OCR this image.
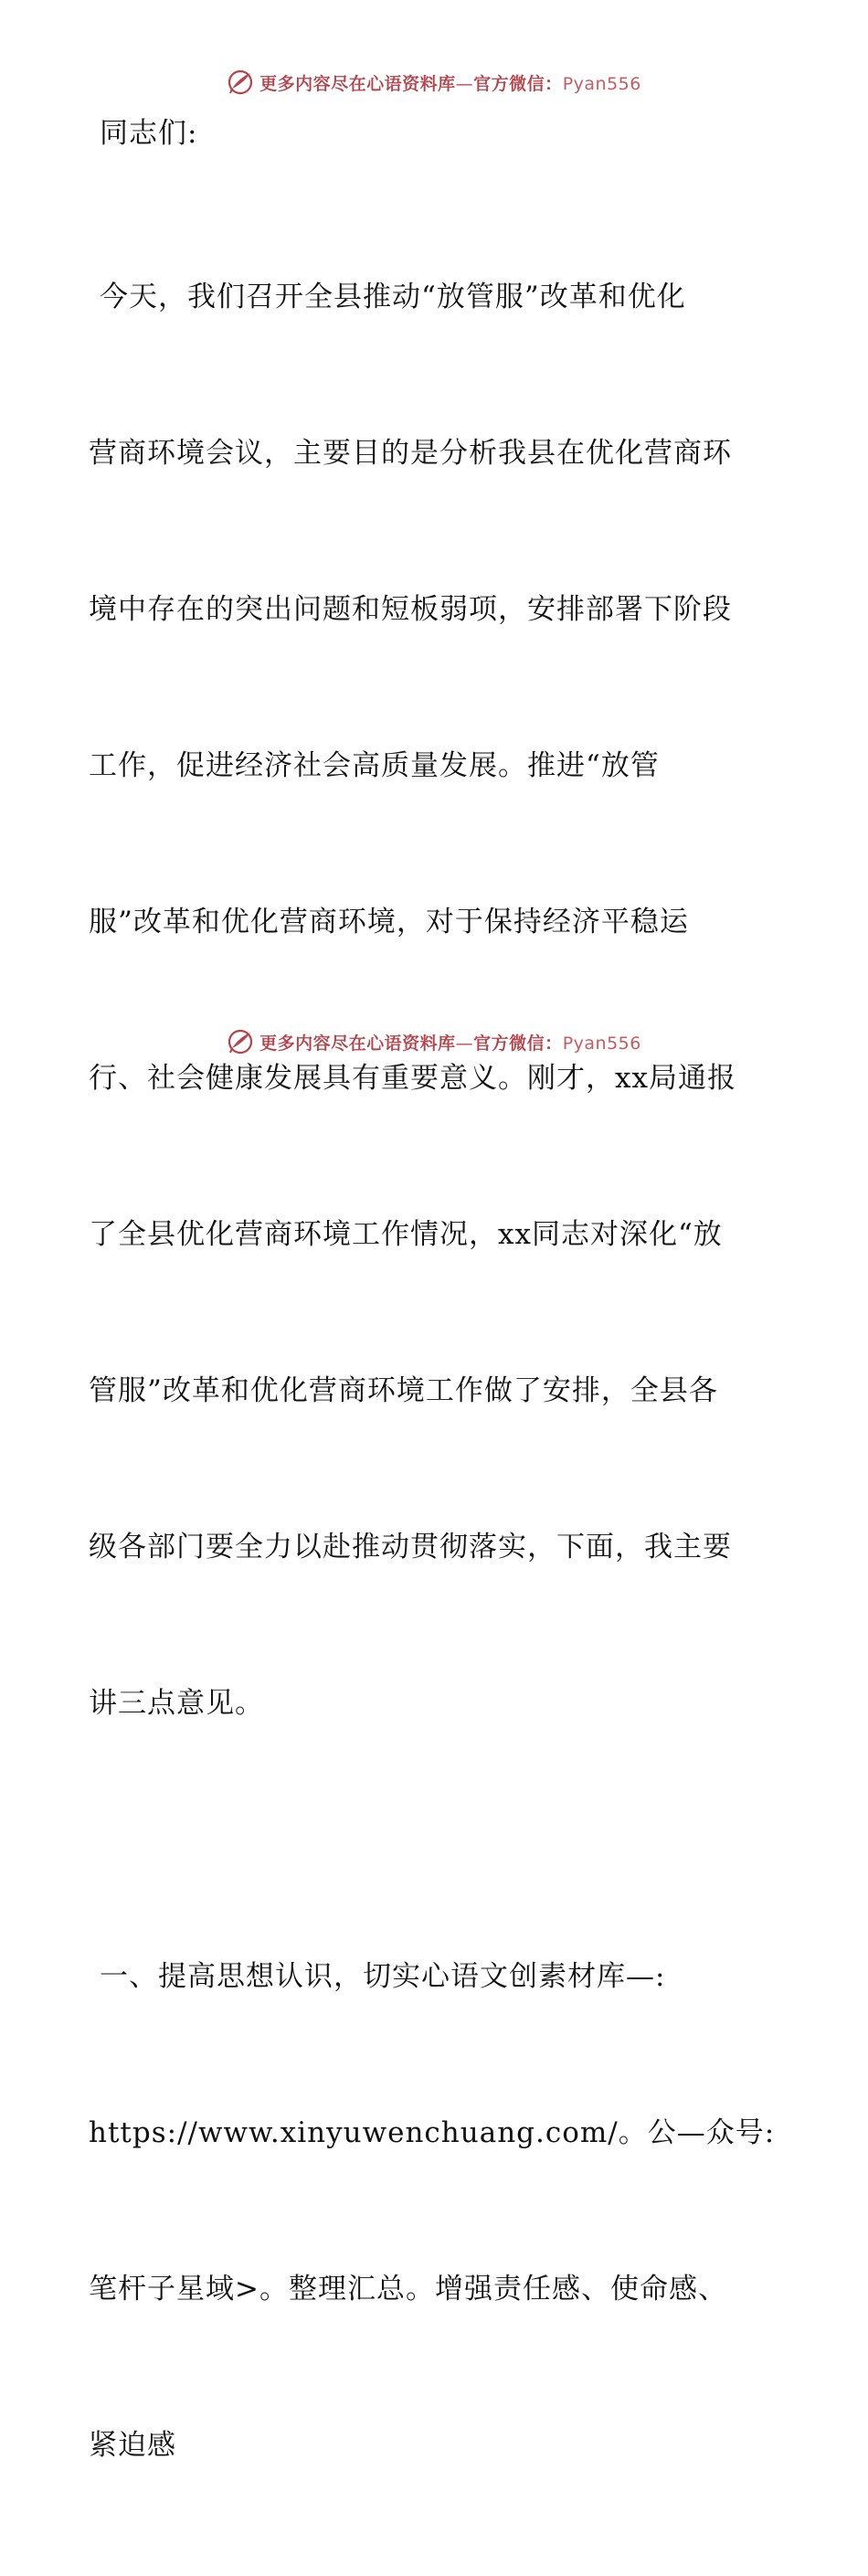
更多内容尽在心语资料库—官方微信：Pyan556

同志们:

今天，我们召开全县推动“放管服”改革和优化

营商环境会议，主要目的是分析我县在优化营商环

境中存在的突出问题和短板弱项，安排部署下阶段

工作，促进经济社会高质量发展。推进“放管

服”改革和优化营商环境，对于保持经济平稳运

行、社会健康发展具有重要意义。刚才，xx局通报

了全县优化营商环境工作情况，xx同志对深化“放

管服”改革和优化营商环境工作做了安排，全县各

级各部门要全力以赴推动贯彻落实，下面，我主要

讲三点意见。

一、提高思想认识，切实心语文创素材库—:

https://www.xinyuwenchuang.com/。公—众号:

笔杆子星域>。整理汇总。增强责任感、使命感、

紧迫感

更多内容尽在心语资料库—官方微信：Pyan556
